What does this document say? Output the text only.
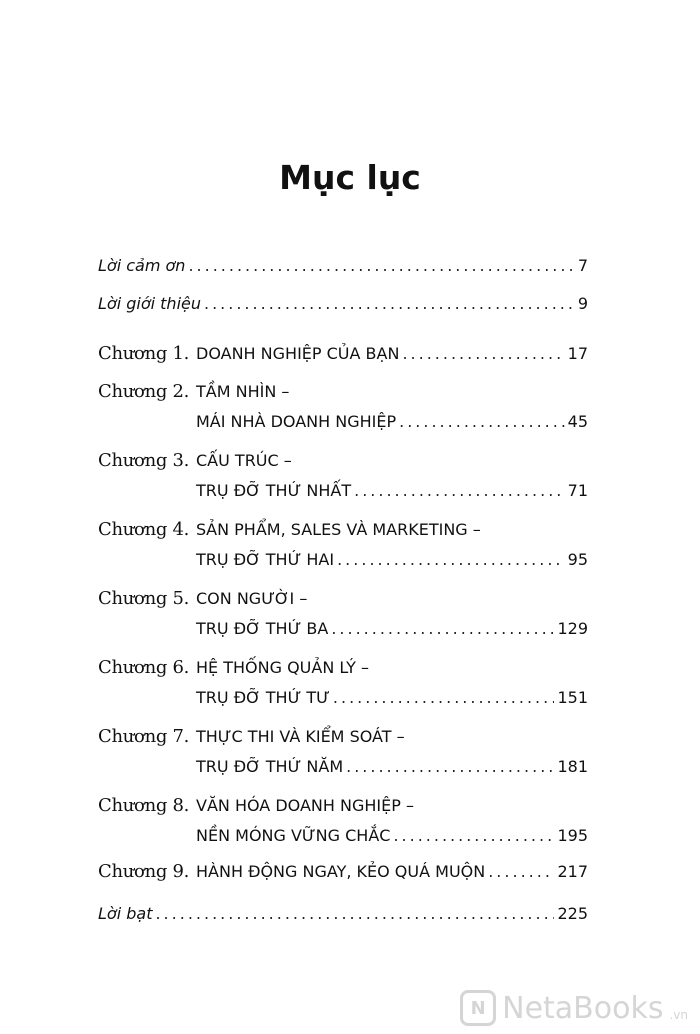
Mục lục
Lời cảm ơn .....	7
Lời giới thiệu .....	9
Chương 1. DOANH NGHIỆP CỦA BẠN .....	17
Chương 2. TẦM NHÌN –
MÁI NHÀ DOANH NGHIỆP .....	45
Chương 3. CẤU TRÚC –
TRỤ ĐỠ THỨ NHẤT .....	71
Chương 4. SẢN PHẨM, SALES VÀ MARKETING –
TRỤ ĐỠ THỨ HAI .....	95
Chương 5. CON NGƯỜI –
TRỤ ĐỠ THỨ BA .....	129
Chương 6. HỆ THỐNG QUẢN LÝ –
TRỤ ĐỠ THỨ TƯ .....	151
Chương 7. THỰC THI VÀ KIỂM SOÁT –
TRỤ ĐỠ THỨ NĂM .....	181
Chương 8. VĂN HÓA DOANH NGHIỆP –
NỀN MÓNG VỮNG CHẮC .....	195
Chương 9. HÀNH ĐỘNG NGAY, KẺO QUÁ MUỘN .....	217
Lời bạt .....	225
N NetaBooks .vn
